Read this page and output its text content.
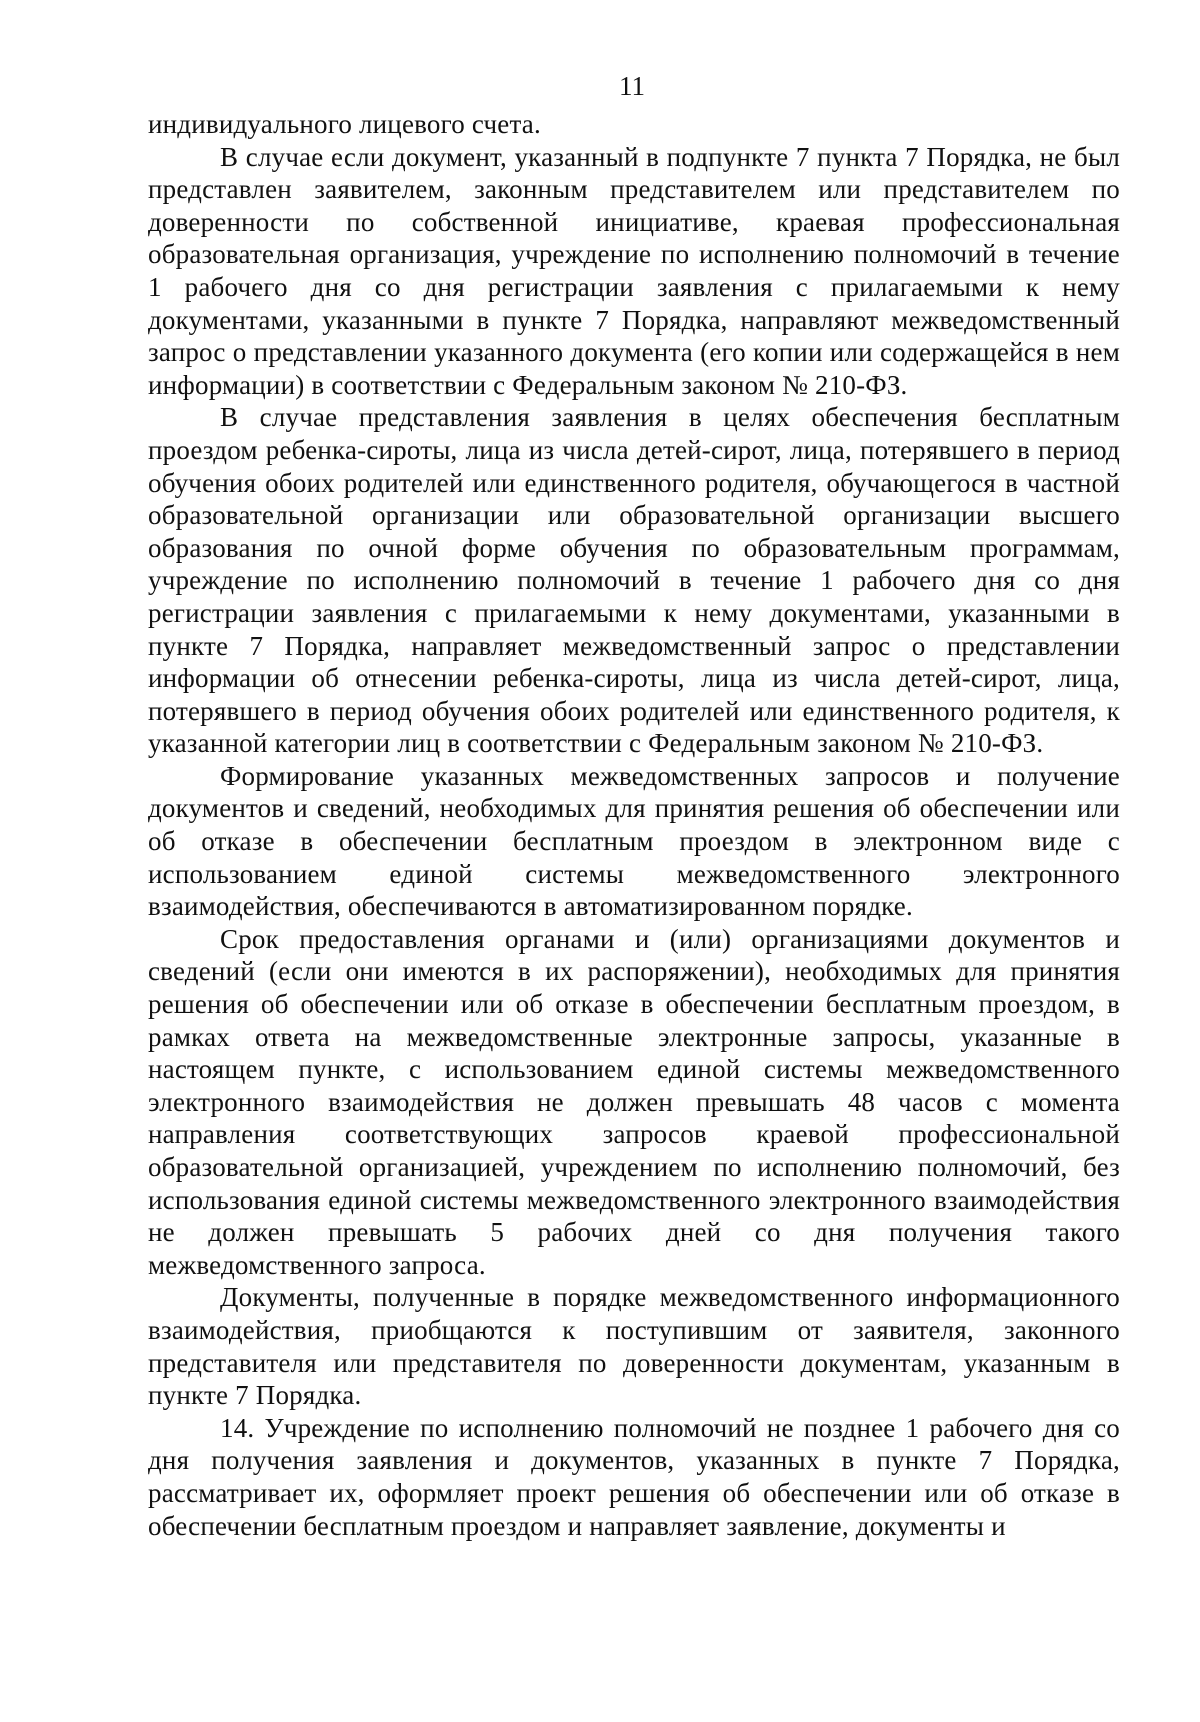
11

индивидуального лицевого счета.

В случае если документ, указанный в подпункте 7 пункта 7 Порядка, не был представлен заявителем, законным представителем или представителем по доверенности по собственной инициативе, краевая профессиональная образовательная организация, учреждение по исполнению полномочий в течение 1 рабочего дня со дня регистрации заявления с прилагаемыми к нему документами, указанными в пункте 7 Порядка, направляют межведомственный запрос о представлении указанного документа (его копии или содержащейся в нем информации) в соответствии с Федеральным законом № 210-ФЗ.

В случае представления заявления в целях обеспечения бесплатным проездом ребенка-сироты, лица из числа детей-сирот, лица, потерявшего в период обучения обоих родителей или единственного родителя, обучающегося в частной образовательной организации или образовательной организации высшего образования по очной форме обучения по образовательным программам, учреждение по исполнению полномочий в течение 1 рабочего дня со дня регистрации заявления с прилагаемыми к нему документами, указанными в пункте 7 Порядка, направляет межведомственный запрос о представлении информации об отнесении ребенка-сироты, лица из числа детей-сирот, лица, потерявшего в период обучения обоих родителей или единственного родителя, к указанной категории лиц в соответствии с Федеральным законом № 210-ФЗ.

Формирование указанных межведомственных запросов и получение документов и сведений, необходимых для принятия решения об обеспечении или об отказе в обеспечении бесплатным проездом в электронном виде с использованием единой системы межведомственного электронного взаимодействия, обеспечиваются в автоматизированном порядке.

Срок предоставления органами и (или) организациями документов и сведений (если они имеются в их распоряжении), необходимых для принятия решения об обеспечении или об отказе в обеспечении бесплатным проездом, в рамках ответа на межведомственные электронные запросы, указанные в настоящем пункте, с использованием единой системы межведомственного электронного взаимодействия не должен превышать 48 часов с момента направления соответствующих запросов краевой профессиональной образовательной организацией, учреждением по исполнению полномочий, без использования единой системы межведомственного электронного взаимодействия не должен превышать 5 рабочих дней со дня получения такого межведомственного запроса.

Документы, полученные в порядке межведомственного информационного взаимодействия, приобщаются к поступившим от заявителя, законного представителя или представителя по доверенности документам, указанным в пункте 7 Порядка.

14. Учреждение по исполнению полномочий не позднее 1 рабочего дня со дня получения заявления и документов, указанных в пункте 7 Порядка, рассматривает их, оформляет проект решения об обеспечении или об отказе в обеспечении бесплатным проездом и направляет заявление, документы и
